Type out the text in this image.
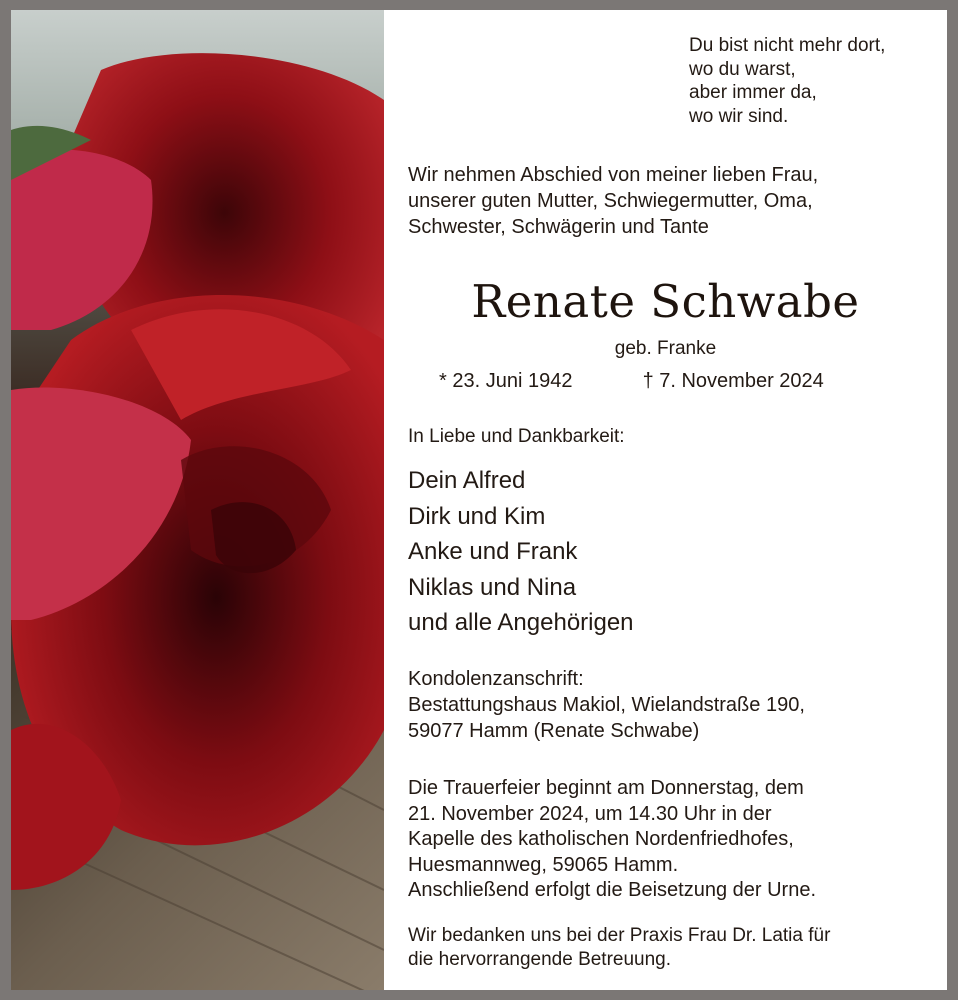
Du bist nicht mehr dort,
wo du warst,
aber immer da,
wo wir sind.
Wir nehmen Abschied von meiner lieben Frau,
unserer guten Mutter, Schwiegermutter, Oma,
Schwester, Schwägerin und Tante
Renate Schwabe
geb. Franke
* 23. Juni 1942	† 7. November 2024
In Liebe und Dankbarkeit:
Dein Alfred
Dirk und Kim
Anke und Frank
Niklas und Nina
und alle Angehörigen
Kondolenzanschrift:
Bestattungshaus Makiol, Wielandstraße 190,
59077 Hamm (Renate Schwabe)
Die Trauerfeier beginnt am Donnerstag, dem
21. November 2024, um 14.30 Uhr in der
Kapelle des katholischen Nordenfriedhofes,
Huesmannweg, 59065 Hamm.
Anschließend erfolgt die Beisetzung der Urne.
Wir bedanken uns bei der Praxis Frau Dr. Latia für
die hervorrangende Betreuung.
